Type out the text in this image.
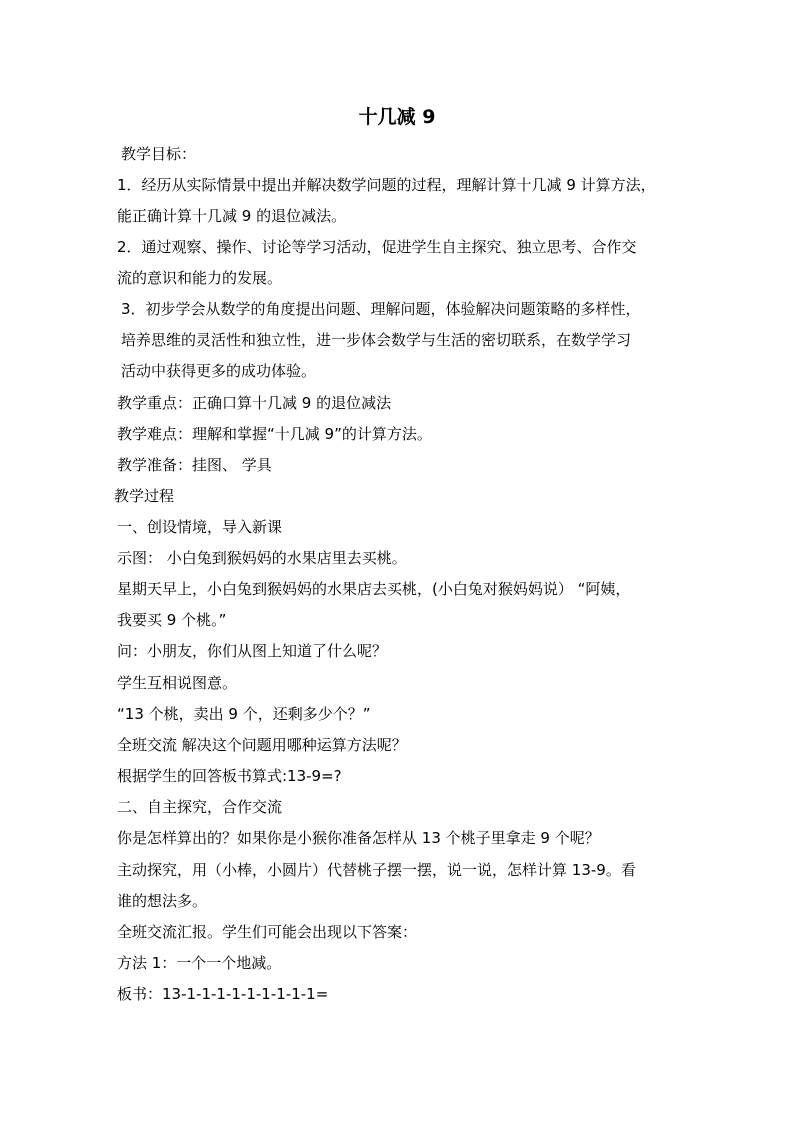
十几减 9
教学目标：
1．经历从实际情景中提出并解决数学问题的过程，理解计算十几减 9 计算方法，
能正确计算十几减 9 的退位减法。
2．通过观察、操作、讨论等学习活动，促进学生自主探究、独立思考、合作交
流的意识和能力的发展。
3．初步学会从数学的角度提出问题、理解问题，体验解决问题策略的多样性，
培养思维的灵活性和独立性，进一步体会数学与生活的密切联系，在数学学习
活动中获得更多的成功体验。
教学重点：正确口算十几减 9 的退位减法
教学难点：理解和掌握“十几减 9”的计算方法。
教学准备：挂图、 学具
教学过程
一、创设情境，导入新课
示图： 小白兔到猴妈妈的水果店里去买桃。
星期天早上，小白兔到猴妈妈的水果店去买桃，(小白兔对猴妈妈说） “阿姨，
我要买 9 个桃。”
问：小朋友，你们从图上知道了什么呢？
学生互相说图意。
“13 个桃，卖出 9 个，还剩多少个？”
全班交流 解决这个问题用哪种运算方法呢？
根据学生的回答板书算式:13-9=?
二、自主探究，合作交流
你是怎样算出的？如果你是小猴你准备怎样从 13 个桃子里拿走 9 个呢？
主动探究，用（小棒，小圆片）代替桃子摆一摆，说一说，怎样计算 13-9。看
谁的想法多。
全班交流汇报。学生们可能会出现以下答案：
方法 1：一个一个地减。
板书：13-1-1-1-1-1-1-1-1-1=
